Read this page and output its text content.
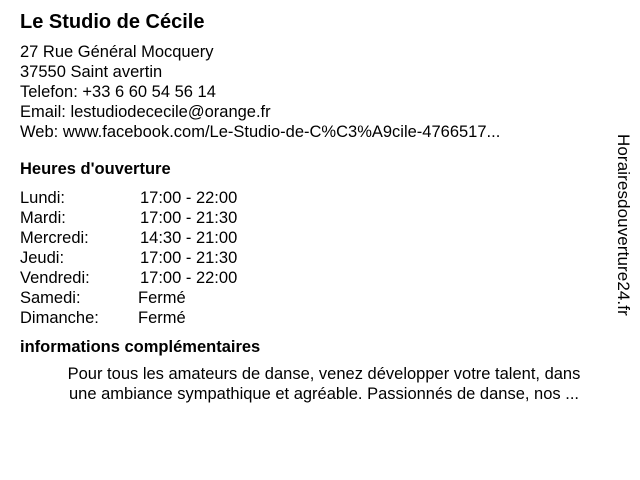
Le Studio de Cécile
27 Rue Général Mocquery
37550 Saint avertin
Telefon: +33 6 60 54 56 14
Email: lestudiodececile@orange.fr
Web: www.facebook.com/Le-Studio-de-C%C3%A9cile-4766517...
Heures d'ouverture
Lundi:	17:00 - 22:00
Mardi:	17:00 - 21:30
Mercredi:	14:30 - 21:00
Jeudi:	17:00 - 21:30
Vendredi:	17:00 - 22:00
Samedi:	Fermé
Dimanche: Fermé
informations complémentaires
Pour tous les amateurs de danse, venez développer votre talent, dans
une ambiance sympathique et agréable. Passionnés de danse, nos ...
Horairesdouverture24.fr
